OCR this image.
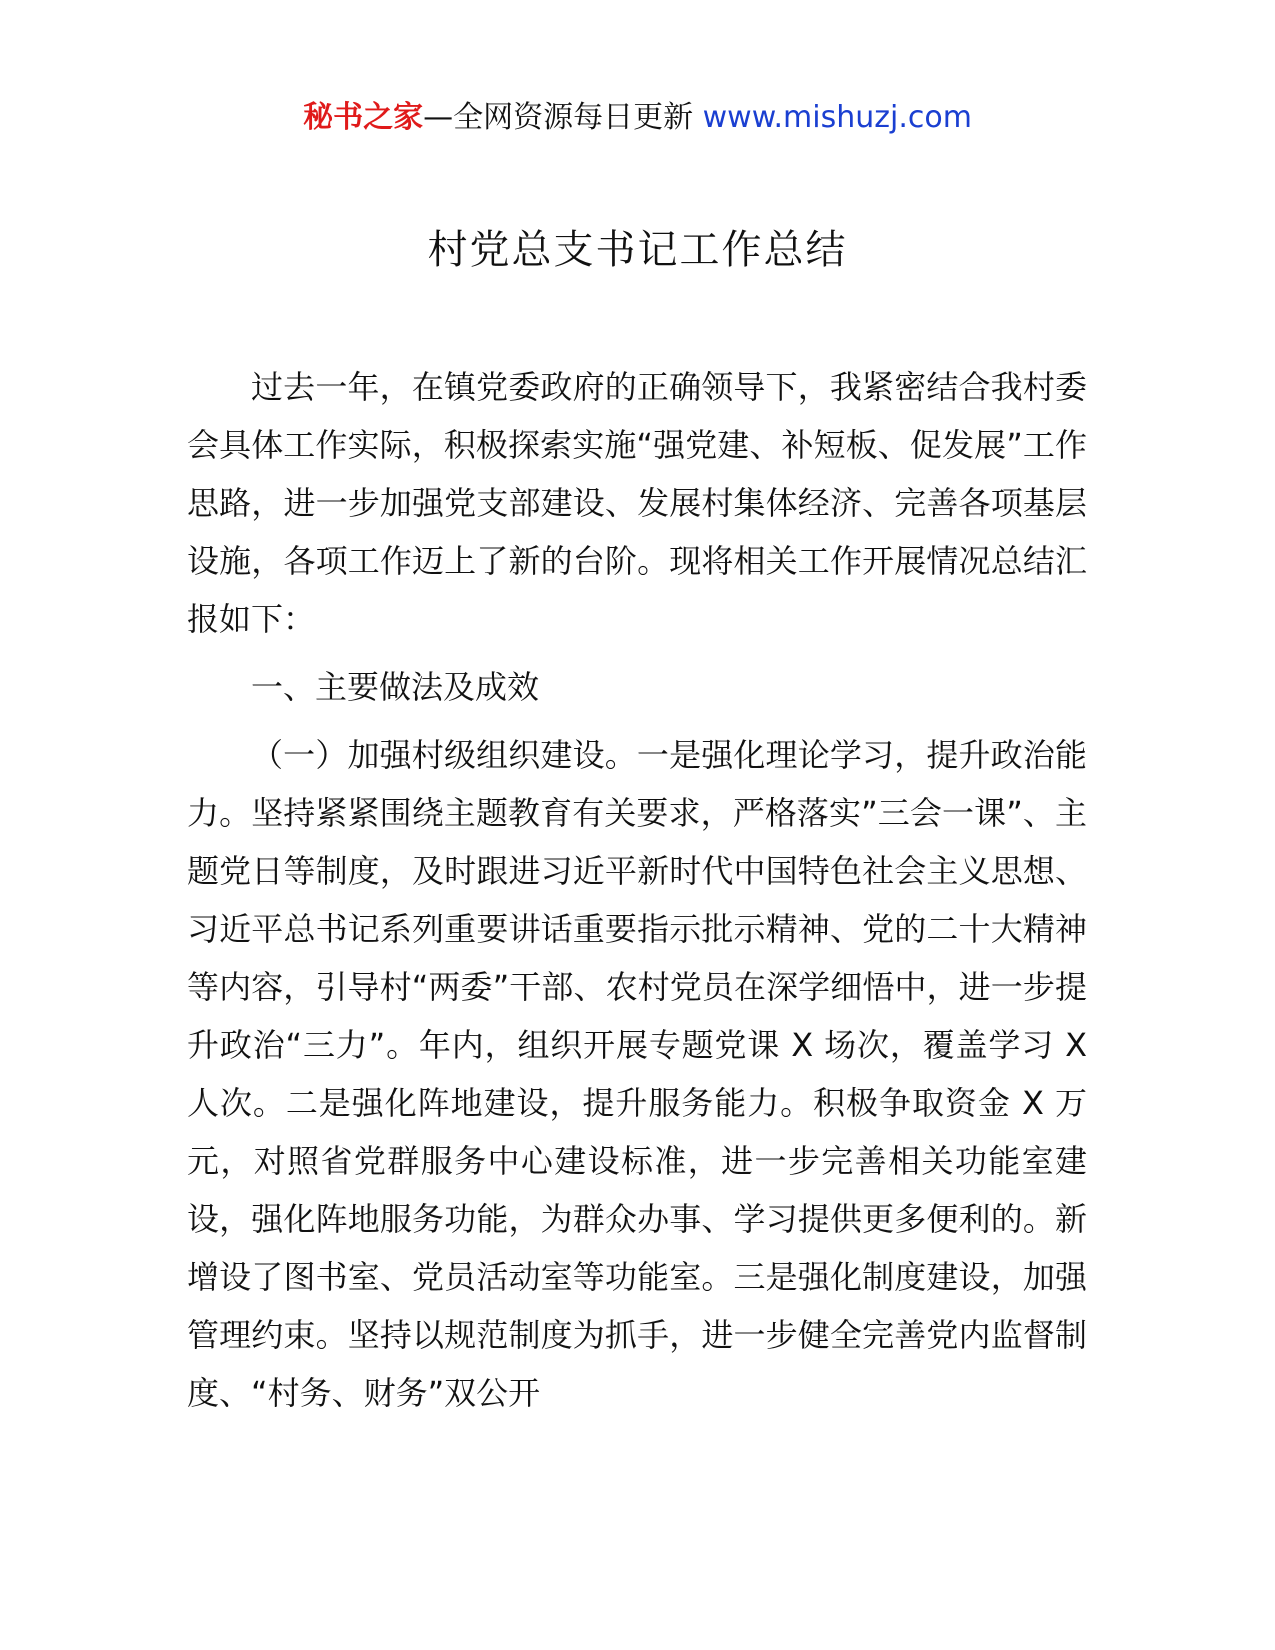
秘书之家—全网资源每日更新 www.mishuzj.com
村党总支书记工作总结

过去一年，在镇党委政府的正确领导下，我紧密结合我村委会具体工作实际，积极探索实施“强党建、补短板、促发展”工作思路，进一步加强党支部建设、发展村集体经济、完善各项基层设施，各项工作迈上了新的台阶。现将相关工作开展情况总结汇报如下：

一、主要做法及成效

（一）加强村级组织建设。一是强化理论学习，提升政治能力。坚持紧紧围绕主题教育有关要求，严格落实”三会一课”、主题党日等制度，及时跟进习近平新时代中国特色社会主义思想、习近平总书记系列重要讲话重要指示批示精神、党的二十大精神等内容，引导村“两委”干部、农村党员在深学细悟中，进一步提升政治“三力”。年内，组织开展专题党课 X 场次，覆盖学习 X 人次。二是强化阵地建设，提升服务能力。积极争取资金 X 万元，对照省党群服务中心建设标准，进一步完善相关功能室建设，强化阵地服务功能，为群众办事、学习提供更多便利的。新增设了图书室、党员活动室等功能室。三是强化制度建设，加强管理约束。坚持以规范制度为抓手，进一步健全完善党内监督制度、“村务、财务”双公开
